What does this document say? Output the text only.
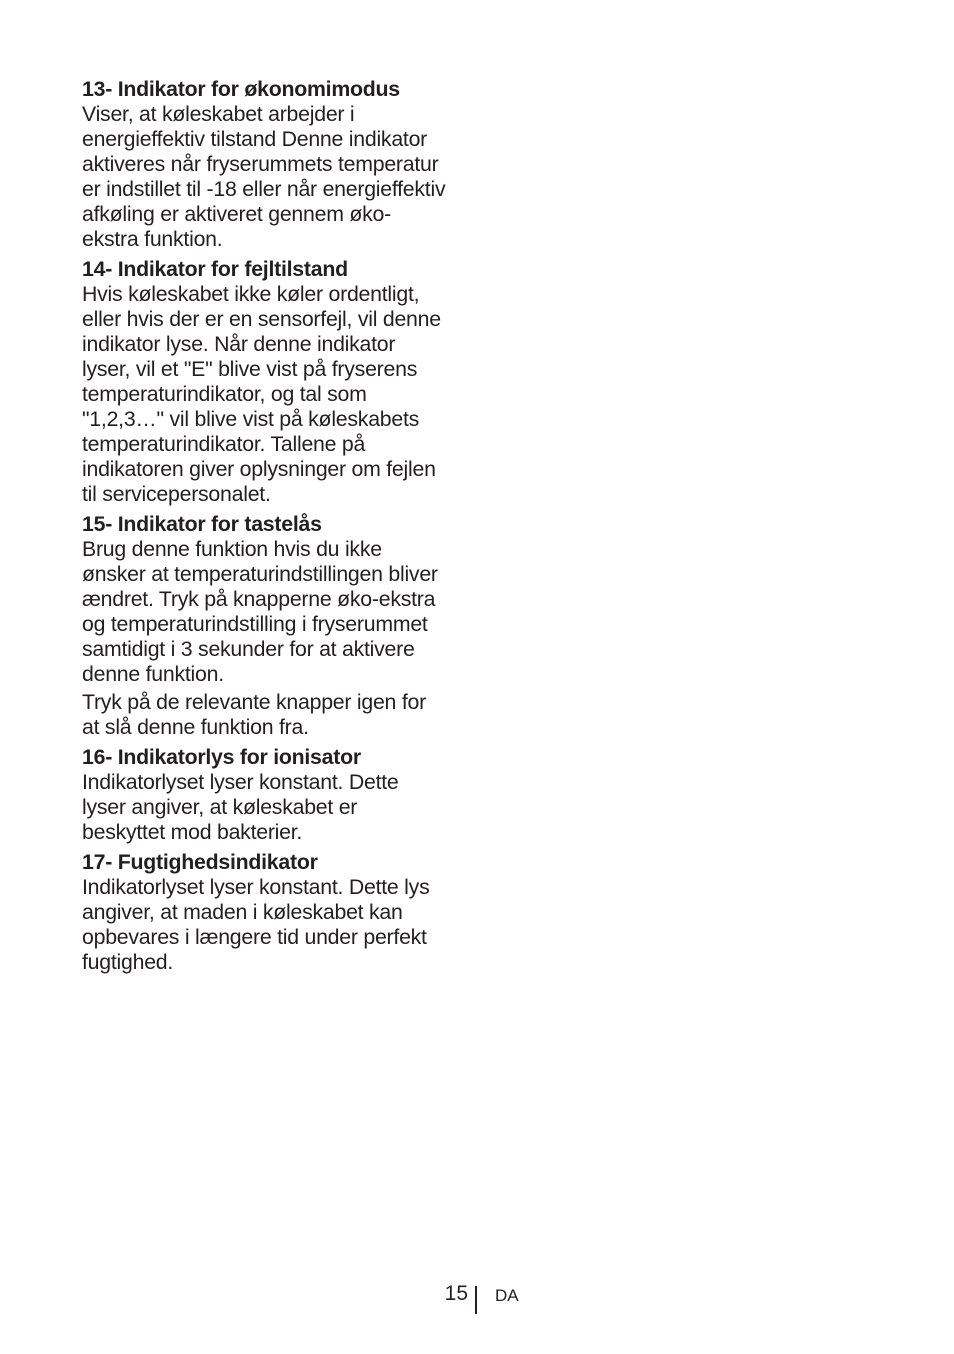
13- Indikator for økonomimodus

Viser, at køleskabet arbejder i
energieffektiv tilstand Denne indikator
aktiveres når fryserummets temperatur
er indstillet til -18 eller når energieffektiv
afkøling er aktiveret gennem øko-
ekstra funktion.

14- Indikator for fejltilstand

Hvis køleskabet ikke køler ordentligt,
eller hvis der er en sensorfejl, vil denne
indikator lyse. Når denne indikator
lyser, vil et "E" blive vist på fryserens
temperaturindikator, og tal som
"1,2,3…" vil blive vist på køleskabets
temperaturindikator. Tallene på
indikatoren giver oplysninger om fejlen
til servicepersonalet.

15- Indikator for tastelås

Brug denne funktion hvis du ikke
ønsker at temperaturindstillingen bliver
ændret. Tryk på knapperne øko-ekstra
og temperaturindstilling i fryserummet
samtidigt i 3 sekunder for at aktivere
denne funktion.

Tryk på de relevante knapper igen for
at slå denne funktion fra.

16- Indikatorlys for ionisator

Indikatorlyset lyser konstant. Dette
lyser angiver, at køleskabet er
beskyttet mod bakterier.

17- Fugtighedsindikator

Indikatorlyset lyser konstant. Dette lys
angiver, at maden i køleskabet kan
opbevares i længere tid under perfekt
fugtighed.

15 DA
